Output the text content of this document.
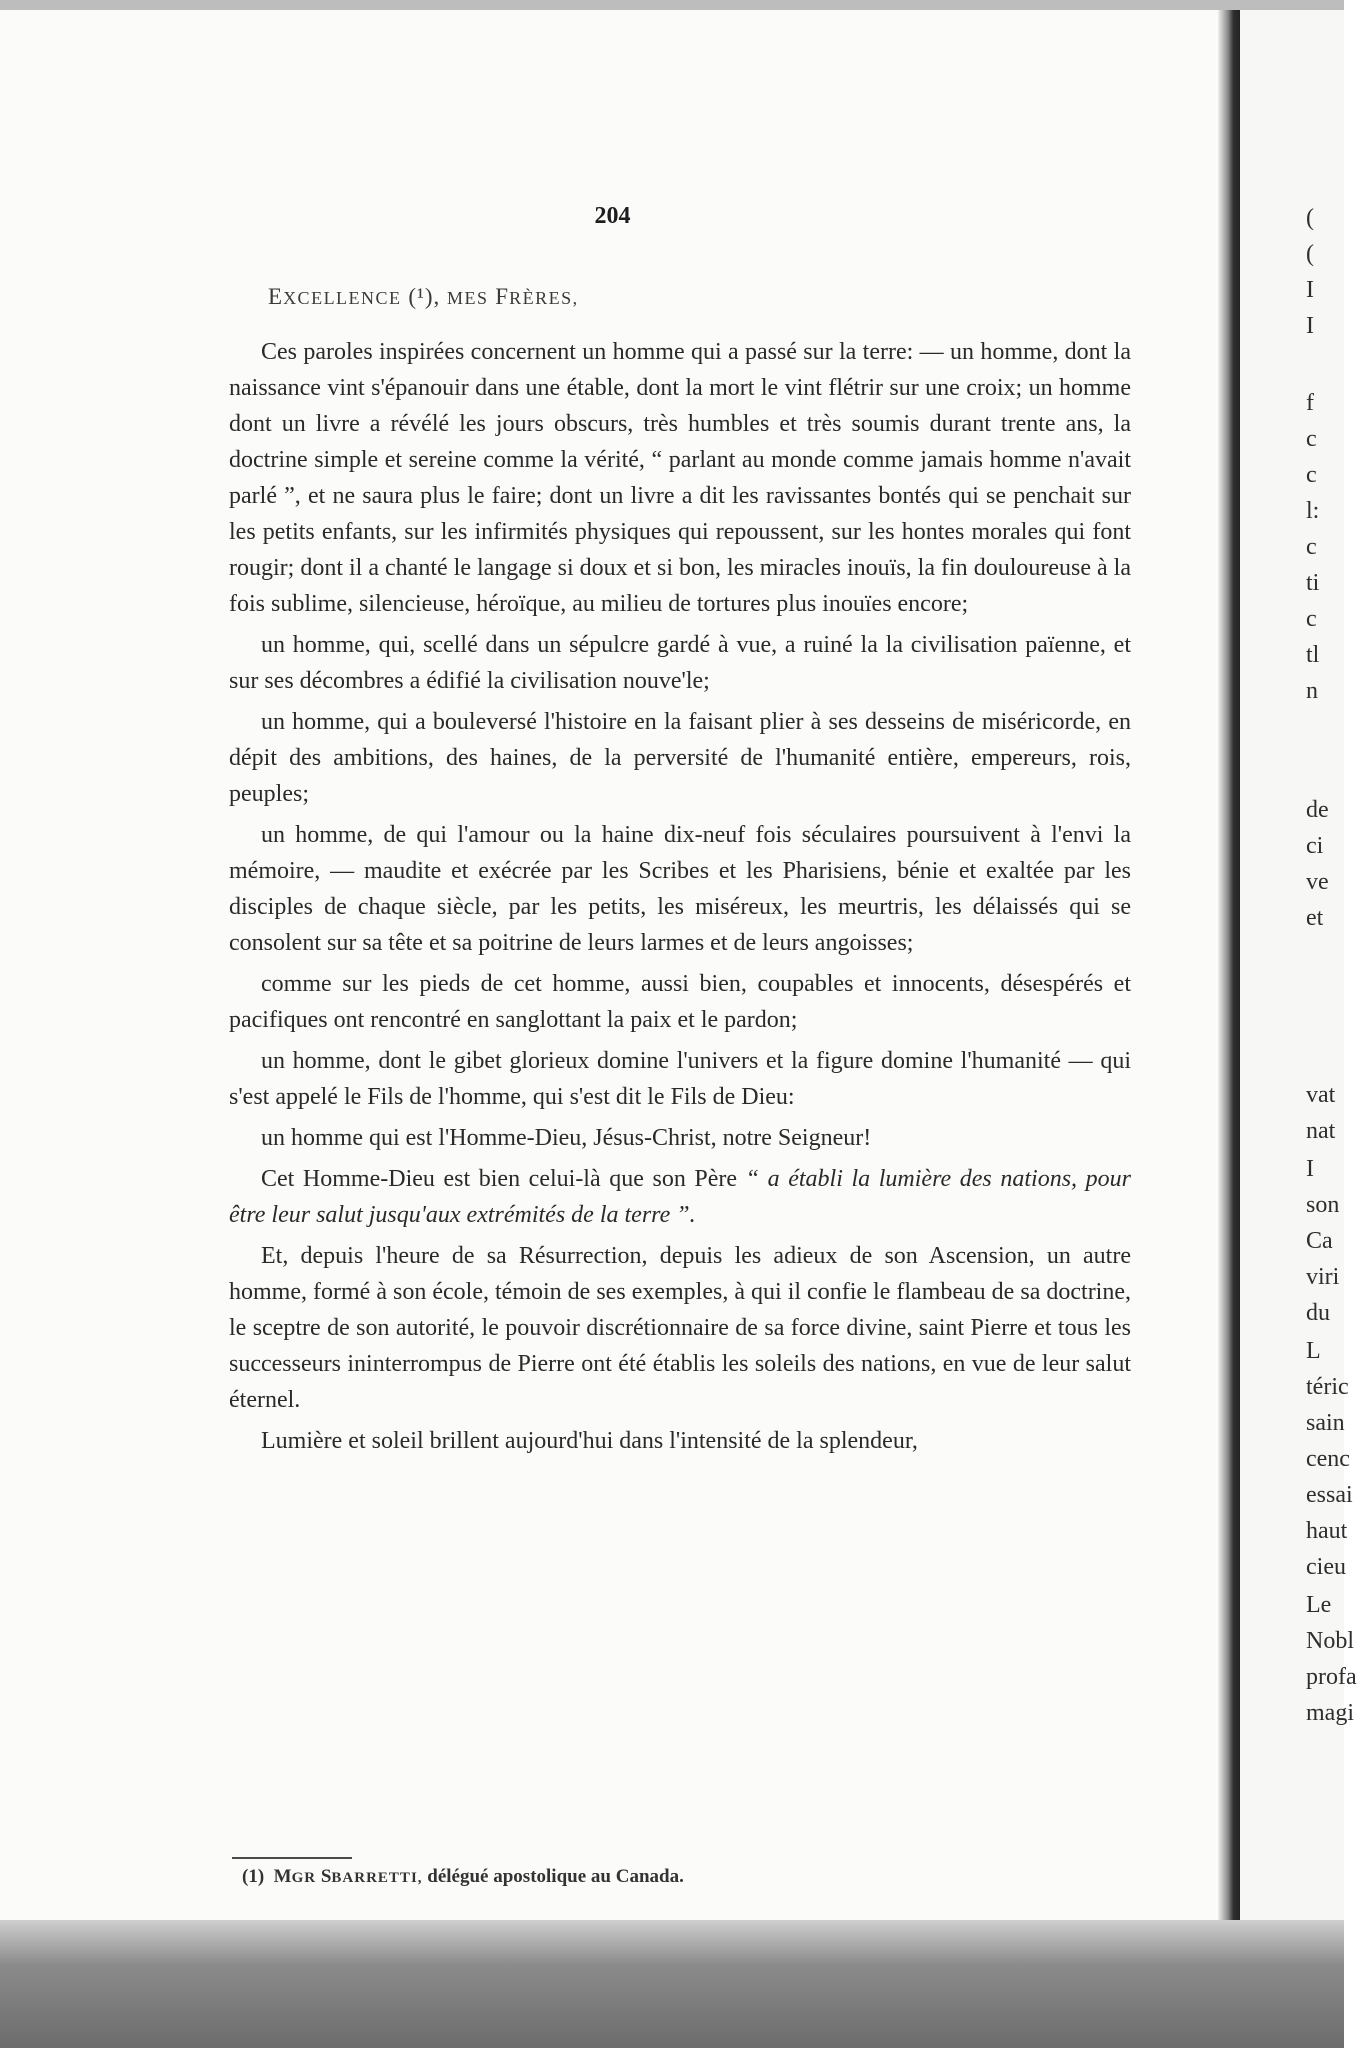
204
EXCELLENCE (¹), MES FRÈRES,

Ces paroles inspirées concernent un homme qui a passé sur la terre: — un homme, dont la naissance vint s'épanouir dans une étable, dont la mort le vint flétrir sur une croix; un homme dont un livre a révélé les jours obscurs, très humbles et très soumis durant trente ans, la doctrine simple et sereine comme la vérité, “ parlant au monde comme jamais homme n'avait parlé ”, et ne saura plus le faire; dont un livre a dit les ravissantes bontés qui se penchait sur les petits enfants, sur les infirmités physiques qui repoussent, sur les hontes morales qui font rougir; dont il a chanté le langage si doux et si bon, les miracles inouïs, la fin douloureuse à la fois sublime, silencieuse, héroïque, au milieu de tortures plus inouïes encore;

un homme, qui, scellé dans un sépulcre gardé à vue, a ruiné la la civilisation païenne, et sur ses décombres a édifié la civilisation nouve'le;

un homme, qui a bouleversé l'histoire en la faisant plier à ses desseins de miséricorde, en dépit des ambitions, des haines, de la perversité de l'humanité entière, empereurs, rois, peuples;

un homme, de qui l'amour ou la haine dix-neuf fois séculaires poursuivent à l'envi la mémoire, — maudite et exécrée par les Scribes et les Pharisiens, bénie et exaltée par les disciples de chaque siècle, par les petits, les miséreux, les meurtris, les délaissés qui se consolent sur sa tête et sa poitrine de leurs larmes et de leurs angoisses;

comme sur les pieds de cet homme, aussi bien, coupables et innocents, désespérés et pacifiques ont rencontré en sanglottant la paix et le pardon;

un homme, dont le gibet glorieux domine l'univers et la figure domine l'humanité — qui s'est appelé le Fils de l'homme, qui s'est dit le Fils de Dieu:

un homme qui est l'Homme-Dieu, Jésus-Christ, notre Seigneur!

Cet Homme-Dieu est bien celui-là que son Père “ a établi la lumière des nations, pour être leur salut jusqu'aux extrémités de la terre ”.

Et, depuis l'heure de sa Résurrection, depuis les adieux de son Ascension, un autre homme, formé à son école, témoin de ses exemples, à qui il confie le flambeau de sa doctrine, le sceptre de son autorité, le pouvoir discrétionnaire de sa force divine, saint Pierre et tous les successeurs ininterrompus de Pierre ont été établis les soleils des nations, en vue de leur salut éternel.

Lumière et soleil brillent aujourd'hui dans l'intensité de la splendeur,

(1) MGR SBARRETTI, délégué apostolique au Canada.
(
(
I
I
f
c
c
l:
c
ti
c
tl
n
de
ci
ve
et
vat
nat
I
son
Ca
viri
du
L
téric
sain
cenc
essai
haut
cieu
Le
Nobl
profa
magi
